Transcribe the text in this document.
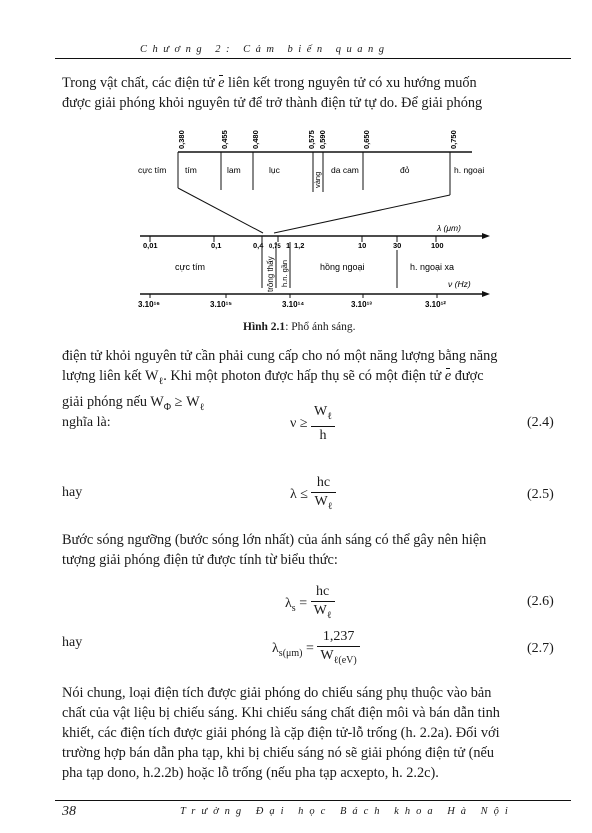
Chương 2: Cảm biến quang
Trong vật chất, các điện tử e liên kết trong nguyên tử có xu hướng muốn
được giải phóng khỏi nguyên tử để trở thành điện tử tự do. Để giải phóng
0,380	0,455	0,480	0,575 0,590	0,650	0,750
cực tím tím	lam	lục
vàng
da cam	đỏ	h. ngoại
λ (μm)
0,01	0,1	0,4 0,75 1 1,2	10	30	100
cực tím	trông thấy h.n. gần	hồng ngoại	h. ngoại xa
ν (Hz)
3.10¹⁶	3.10¹⁵	3.10¹⁴	3.10¹³	3.10¹²
Hình 2.1: Phổ ánh sáng.
điện tử khỏi nguyên tử cần phải cung cấp cho nó một năng lượng bằng năng
lượng liên kết $W_\ell$. Khi một photon được hấp thụ sẽ có một điện tử e được
giải phóng nếu $W_\Phi \ge W_\ell$
nghĩa là:	$\nu \ge \frac{W_\ell}{h}$	(2.4)
hay	$\lambda \le \frac{hc}{W_\ell}$	(2.5)
Bước sóng ngưỡng (bước sóng lớn nhất) của ánh sáng có thể gây nên hiện
tượng giải phóng điện tử được tính từ biểu thức:
$\lambda_s = \frac{hc}{W_\ell}$	(2.6)
hay	$\lambda_{s(\mu m)} = \frac{1,237}{W_{\ell(eV)}}$	(2.7)
Nói chung, loại điện tích được giải phóng do chiếu sáng phụ thuộc vào bản
chất của vật liệu bị chiếu sáng. Khi chiếu sáng chất điện môi và bán dẫn tinh
khiết, các điện tích được giải phóng là cặp điện tử-lỗ trống (h. 2.2a). Đối với
trường hợp bán dẫn pha tạp, khi bị chiếu sáng nó sẽ giải phóng điện tử (nếu
pha tạp dono, h.2.2b) hoặc lỗ trống (nếu pha tạp acxepto, h. 2.2c).
38	Trường Đại học Bách khoa Hà Nội
